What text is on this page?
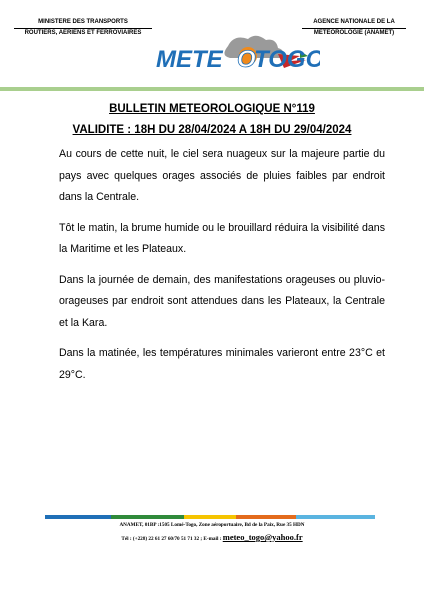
MINISTERE DES TRANSPORTS
ROUTIERS, AERIENS ET FERROVIAIRES
AGENCE NATIONALE DE LA
METEOROLOGIE (ANAMET)
METE O
TOGO
BULLETIN METEOROLOGIQUE N°119
VALIDITE : 18H DU 28/04/2024 A 18H DU 29/04/2024

Au cours de cette nuit, le ciel sera nuageux sur la majeure partie du pays avec quelques orages associés de pluies faibles par endroit dans la Centrale.

Tôt le matin, la brume humide ou le brouillard réduira la visibilité dans la Maritime et les Plateaux.

Dans la journée de demain, des manifestations orageuses ou pluvio-orageuses par endroit sont attendues dans les Plateaux, la Centrale et la Kara.

Dans la matinée, les températures minimales varieront entre 23°C et 29°C.

ANAMET, 01BP :1505 Lomé-Togo, Zone aéroportuaire, Bd de la Paix, Rue 35 HDN
Tél : (+228) 22 61 27 60/70 51 71 32 ; E-mail : meteo_togo@yahoo.fr
